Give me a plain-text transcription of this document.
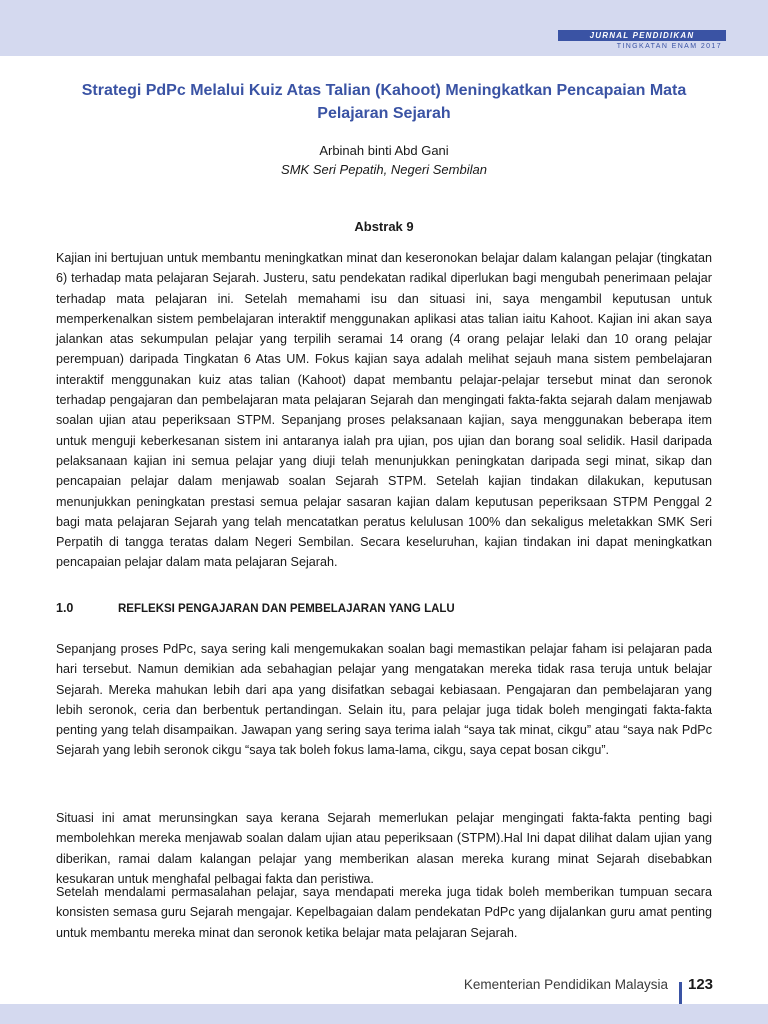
JURNAL PENDIDIKAN
TINGKATAN ENAM 2017
Strategi PdPc Melalui Kuiz Atas Talian (Kahoot) Meningkatkan Pencapaian Mata Pelajaran Sejarah
Arbinah binti Abd Gani
SMK Seri Pepatih, Negeri Sembilan
Abstrak 9

Kajian ini bertujuan untuk membantu meningkatkan minat dan keseronokan belajar dalam kalangan pelajar (tingkatan 6) terhadap mata pelajaran Sejarah. Justeru, satu pendekatan radikal diperlukan bagi mengubah penerimaan pelajar terhadap mata pelajaran ini. Setelah memahami isu dan situasi ini, saya mengambil keputusan untuk memperkenalkan sistem pembelajaran interaktif menggunakan aplikasi atas talian iaitu Kahoot. Kajian ini akan saya jalankan atas sekumpulan pelajar yang terpilih seramai 14 orang (4 orang pelajar lelaki dan 10 orang pelajar perempuan) daripada Tingkatan 6 Atas UM. Fokus kajian saya adalah melihat sejauh mana sistem pembelajaran interaktif menggunakan kuiz atas talian (Kahoot) dapat membantu pelajar-pelajar tersebut minat dan seronok terhadap pengajaran dan pembelajaran mata pelajaran Sejarah dan mengingati fakta-fakta sejarah dalam menjawab soalan ujian atau peperiksaan STPM. Sepanjang proses pelaksanaan kajian, saya menggunakan beberapa item untuk menguji keberkesanan sistem ini antaranya ialah pra ujian, pos ujian dan borang soal selidik. Hasil daripada pelaksanaan kajian ini semua pelajar yang diuji telah menunjukkan peningkatan daripada segi minat, sikap dan pencapaian pelajar dalam menjawab soalan Sejarah STPM. Setelah kajian tindakan dilakukan, keputusan menunjukkan peningkatan prestasi semua pelajar sasaran kajian dalam keputusan peperiksaan STPM Penggal 2 bagi mata pelajaran Sejarah yang telah mencatatkan peratus kelulusan 100% dan sekaligus meletakkan SMK Seri Perpatih di tangga teratas dalam Negeri Sembilan. Secara keseluruhan, kajian tindakan ini dapat meningkatkan pencapaian pelajar dalam mata pelajaran Sejarah.

1.0	REFLEKSI PENGAJARAN DAN PEMBELAJARAN YANG LALU

Sepanjang proses PdPc, saya sering kali mengemukakan soalan bagi memastikan pelajar faham isi pelajaran pada hari tersebut. Namun demikian ada sebahagian pelajar yang mengatakan mereka tidak rasa teruja untuk belajar Sejarah. Mereka mahukan lebih dari apa yang disifatkan sebagai kebiasaan. Pengajaran dan pembelajaran yang lebih seronok, ceria dan berbentuk pertandingan. Selain itu, para pelajar juga tidak boleh mengingati fakta-fakta penting yang telah disampaikan. Jawapan yang sering saya terima ialah “saya tak minat, cikgu” atau “saya nak PdPc Sejarah yang lebih seronok cikgu “saya tak boleh fokus lama-lama, cikgu, saya cepat bosan cikgu”.

Situasi ini amat merunsingkan saya kerana Sejarah memerlukan pelajar mengingati fakta-fakta penting bagi membolehkan mereka menjawab soalan dalam ujian atau peperiksaan (STPM).Hal Ini dapat dilihat dalam ujian yang diberikan, ramai dalam kalangan pelajar yang memberikan alasan mereka kurang minat Sejarah disebabkan kesukaran untuk menghafal pelbagai fakta dan peristiwa.

Setelah mendalami permasalahan pelajar, saya mendapati mereka juga tidak boleh memberikan tumpuan secara konsisten semasa guru Sejarah mengajar. Kepelbagaian dalam pendekatan PdPc yang dijalankan guru amat penting untuk membantu mereka minat dan seronok ketika belajar mata pelajaran Sejarah.

Kementerian Pendidikan Malaysia 123
